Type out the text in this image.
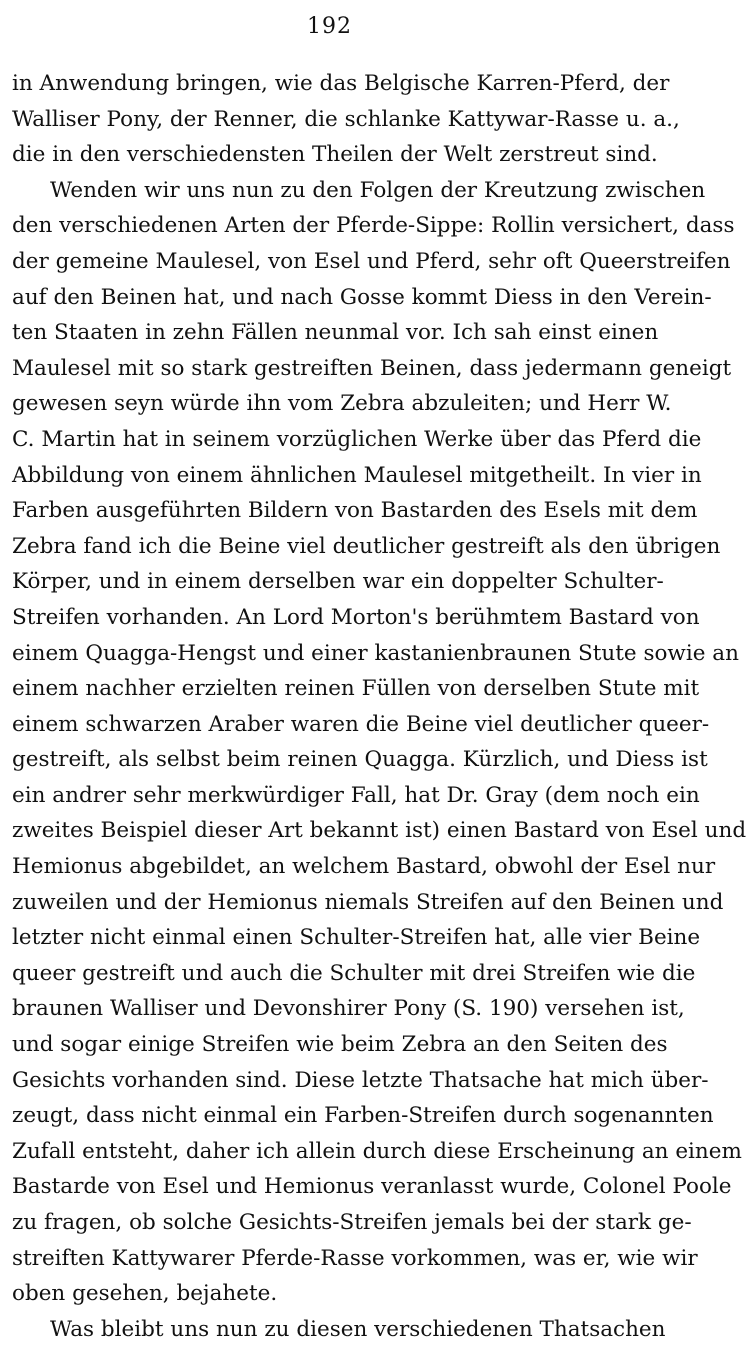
192
in Anwendung bringen, wie das Belgische Karren-Pferd, der
Walliser Pony, der Renner, die schlanke Kattywar-Rasse u. a.,
die in den verschiedensten Theilen der Welt zerstreut sind.
Wenden wir uns nun zu den Folgen der Kreutzung zwischen
den verschiedenen Arten der Pferde-Sippe: Rollin versichert, dass
der gemeine Maulesel, von Esel und Pferd, sehr oft Queerstreifen
auf den Beinen hat, und nach Gosse kommt Diess in den Verein-
ten Staaten in zehn Fällen neunmal vor. Ich sah einst einen
Maulesel mit so stark gestreiften Beinen, dass jedermann geneigt
gewesen seyn würde ihn vom Zebra abzuleiten; und Herr W.
C. Martin hat in seinem vorzüglichen Werke über das Pferd die
Abbildung von einem ähnlichen Maulesel mitgetheilt. In vier in
Farben ausgeführten Bildern von Bastarden des Esels mit dem
Zebra fand ich die Beine viel deutlicher gestreift als den übrigen
Körper, und in einem derselben war ein doppelter Schulter-
Streifen vorhanden. An Lord Morton's berühmtem Bastard von
einem Quagga-Hengst und einer kastanienbraunen Stute sowie an
einem nachher erzielten reinen Füllen von derselben Stute mit
einem schwarzen Araber waren die Beine viel deutlicher queer-
gestreift, als selbst beim reinen Quagga. Kürzlich, und Diess ist
ein andrer sehr merkwürdiger Fall, hat Dr. Gray (dem noch ein
zweites Beispiel dieser Art bekannt ist) einen Bastard von Esel und
Hemionus abgebildet, an welchem Bastard, obwohl der Esel nur
zuweilen und der Hemionus niemals Streifen auf den Beinen und
letzter nicht einmal einen Schulter-Streifen hat, alle vier Beine
queer gestreift und auch die Schulter mit drei Streifen wie die
braunen Walliser und Devonshirer Pony (S. 190) versehen ist,
und sogar einige Streifen wie beim Zebra an den Seiten des
Gesichts vorhanden sind. Diese letzte Thatsache hat mich über-
zeugt, dass nicht einmal ein Farben-Streifen durch sogenannten
Zufall entsteht, daher ich allein durch diese Erscheinung an einem
Bastarde von Esel und Hemionus veranlasst wurde, Colonel Poole
zu fragen, ob solche Gesichts-Streifen jemals bei der stark ge-
streiften Kattywarer Pferde-Rasse vorkommen, was er, wie wir
oben gesehen, bejahete.
Was bleibt uns nun zu diesen verschiedenen Thatsachen
